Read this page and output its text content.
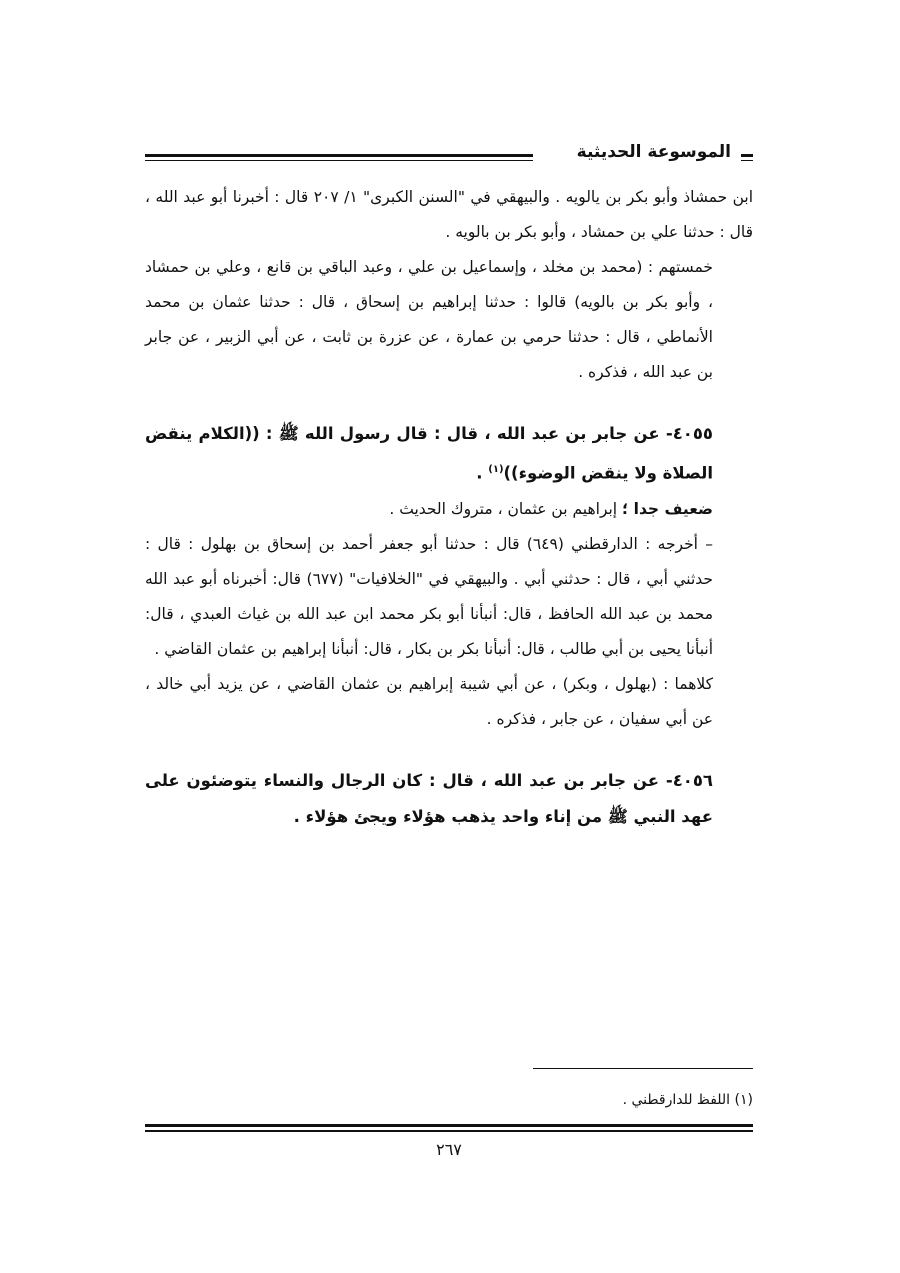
الموسوعة الحديثية

ابن حمشاذ وأبو بكر بن يالويه . والبيهقي في "السنن الكبرى" ١/ ٢٠٧ قال : أخبرنا أبو عبد الله ، قال : حدثنا علي بن حمشاد ، وأبو بكر بن بالويه .

خمستهم : (محمد بن مخلد ، وإسماعيل بن علي ، وعبد الباقي بن قانع ، وعلي بن حمشاد ، وأبو بكر بن بالويه) قالوا : حدثنا إبراهيم بن إسحاق ، قال : حدثنا عثمان بن محمد الأنماطي ، قال : حدثنا حرمي بن عمارة ، عن عزرة بن ثابت ، عن أبي الزبير ، عن جابر بن عبد الله ، فذكره .

٤٠٥٥- عن جابر بن عبد الله ، قال : قال رسول الله ﷺ : ((الكلام ينقض الصلاة ولا ينقض الوضوء))$^{(١)}$ .

ضعيف جدا ؛ إبراهيم بن عثمان ، متروك الحديث .

– أخرجه : الدارقطني (٦٤٩) قال : حدثنا أبو جعفر أحمد بن إسحاق بن بهلول : قال : حدثني أبي ، قال : حدثني أبي . والبيهقي في "الخلافيات" (٦٧٧) قال: أخبرناه أبو عبد الله محمد بن عبد الله الحافظ ، قال: أنبأنا أبو بكر محمد ابن عبد الله بن غياث العبدي ، قال: أنبأنا يحيى بن أبي طالب ، قال: أنبأنا بكر بن بكار ، قال: أنبأنا إبراهيم بن عثمان القاضي .

كلاهما : (بهلول ، وبكر) ، عن أبي شيبة إبراهيم بن عثمان القاضي ، عن يزيد أبي خالد ، عن أبي سفيان ، عن جابر ، فذكره .

٤٠٥٦- عن جابر بن عبد الله ، قال : كان الرجال والنساء يتوضئون على عهد النبي ﷺ من إناء واحد يذهب هؤلاء ويجئ هؤلاء .

(١) اللفظ للدارقطني .
٢٦٧
